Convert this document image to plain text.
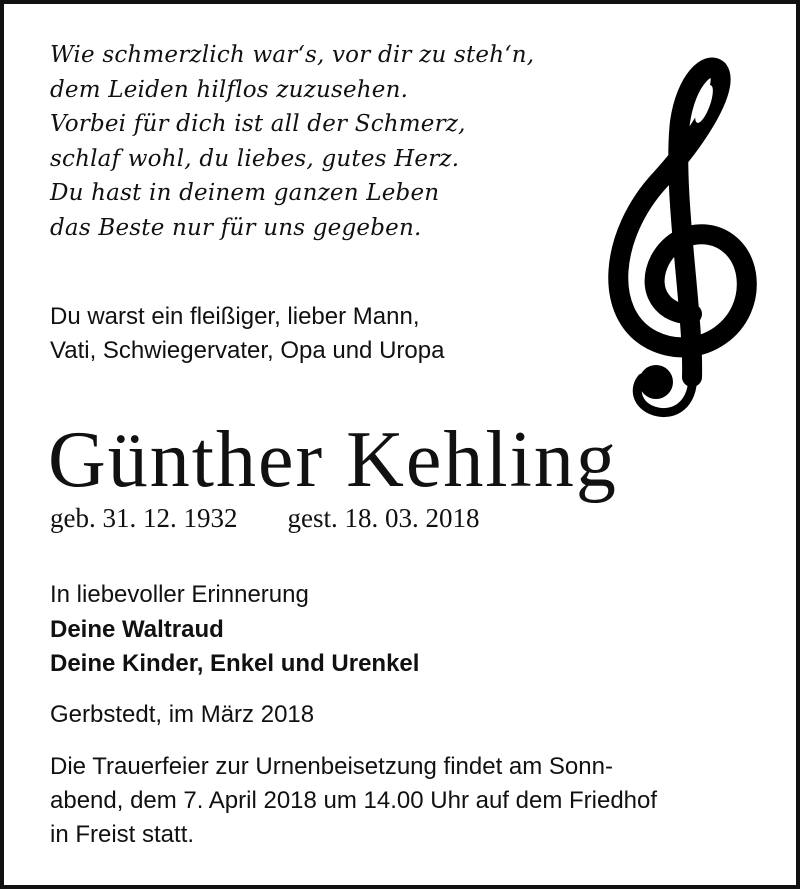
Wie schmerzlich war‘s, vor dir zu steh‘n,
dem Leiden hilflos zuzusehen.
Vorbei für dich ist all der Schmerz,
schlaf wohl, du liebes, gutes Herz.
Du hast in deinem ganzen Leben
das Beste nur für uns gegeben.
Du warst ein fleißiger, lieber Mann,
Vati, Schwiegervater, Opa und Uropa
Günther Kehling
geb. 31. 12. 1932 gest. 18. 03. 2018
In liebevoller Erinnerung
Deine Waltraud
Deine Kinder, Enkel und Urenkel
Gerbstedt, im März 2018
Die Trauerfeier zur Urnenbeisetzung findet am Sonn-
abend, dem 7. April 2018 um 14.00 Uhr auf dem Friedhof
in Freist statt.
